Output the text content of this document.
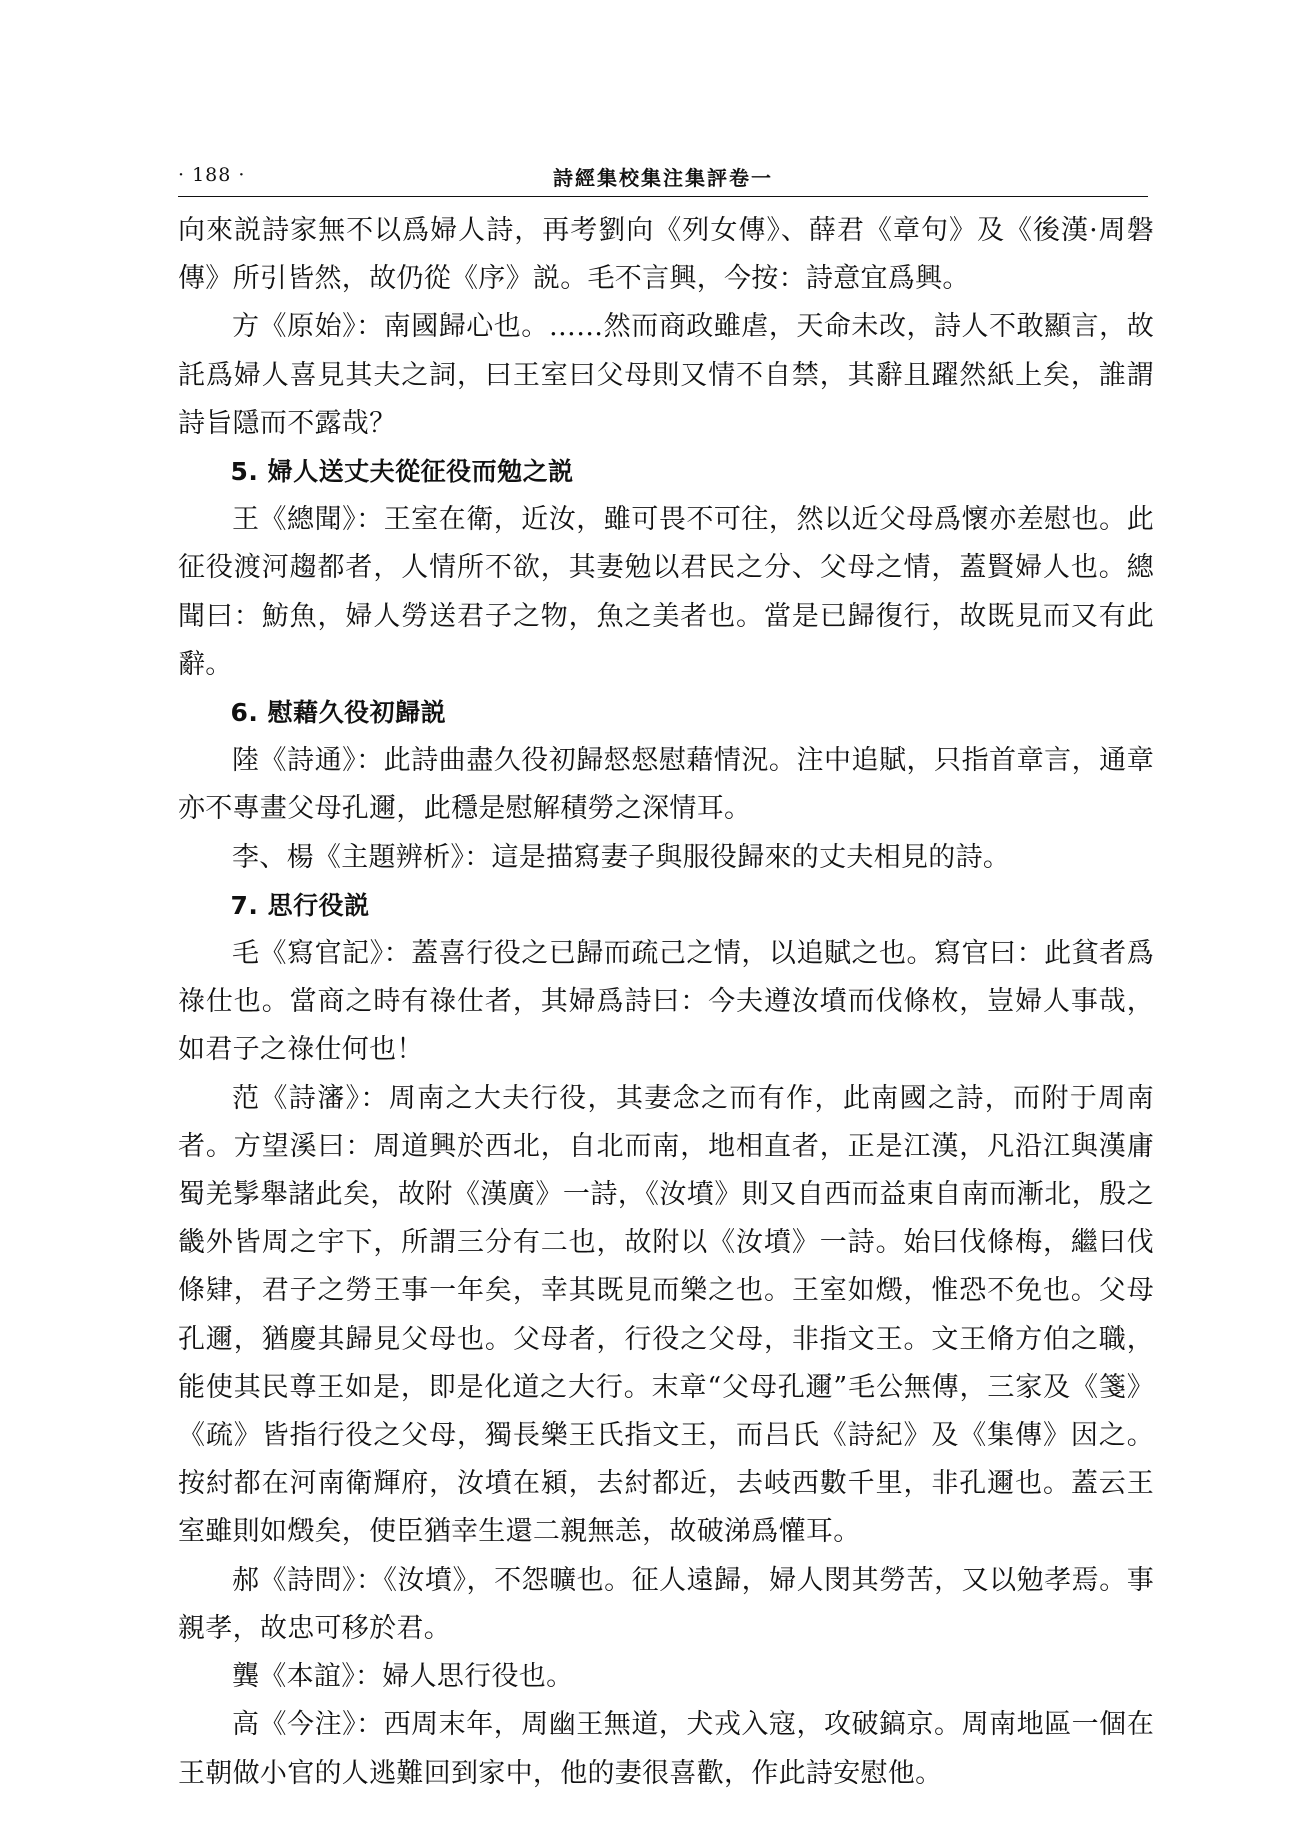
· 188 ·	詩經集校集注集評卷一

向來説詩家無不以爲婦人詩，再考劉向《列女傳》、薛君《章句》及《後漢·周磐傳》所引皆然，故仍從《序》説。毛不言興，今按：詩意宜爲興。

方《原始》：南國歸心也。……然而商政雖虐，天命未改，詩人不敢顯言，故託爲婦人喜見其夫之詞，曰王室曰父母則又情不自禁，其辭且躍然紙上矣，誰謂詩旨隱而不露哉？

5. 婦人送丈夫從征役而勉之説

王《總聞》：王室在衛，近汝，雖可畏不可往，然以近父母爲懷亦差慰也。此征役渡河趨都者，人情所不欲，其妻勉以君民之分、父母之情，蓋賢婦人也。總聞曰：魴魚，婦人勞送君子之物，魚之美者也。當是已歸復行，故既見而又有此辭。

6. 慰藉久役初歸説

陸《詩通》：此詩曲盡久役初歸惄惄慰藉情況。注中追賦，只指首章言，通章亦不專畫父母孔邇，此穩是慰解積勞之深情耳。

李、楊《主題辨析》：這是描寫妻子與服役歸來的丈夫相見的詩。

7. 思行役説

毛《寫官記》：蓋喜行役之已歸而疏己之情，以追賦之也。寫官曰：此貧者爲祿仕也。當商之時有祿仕者，其婦爲詩曰：今夫遵汝墳而伐條枚，豈婦人事哉，如君子之祿仕何也！

范《詩瀋》：周南之大夫行役，其妻念之而有作，此南國之詩，而附于周南者。方望溪曰：周道興於西北，自北而南，地相直者，正是江漢，凡沿江與漢庸蜀羌髳舉諸此矣，故附《漢廣》一詩，《汝墳》則又自西而益東自南而漸北，殷之畿外皆周之宇下，所謂三分有二也，故附以《汝墳》一詩。始曰伐條梅，繼曰伐條肄，君子之勞王事一年矣，幸其既見而樂之也。王室如燬，惟恐不免也。父母孔邇，猶慶其歸見父母也。父母者，行役之父母，非指文王。文王脩方伯之職，能使其民尊王如是，即是化道之大行。末章“父母孔邇”毛公無傳，三家及《箋》《疏》皆指行役之父母，獨長樂王氏指文王，而吕氏《詩紀》及《集傳》因之。按紂都在河南衛輝府，汝墳在潁，去紂都近，去岐西數千里，非孔邇也。蓋云王室雖則如燬矣，使臣猶幸生還二親無恙，故破涕爲懽耳。

郝《詩問》：《汝墳》，不怨曠也。征人遠歸，婦人閔其勞苦，又以勉孝焉。事親孝，故忠可移於君。

龔《本誼》：婦人思行役也。

高《今注》：西周末年，周幽王無道，犬戎入寇，攻破鎬京。周南地區一個在王朝做小官的人逃難回到家中，他的妻很喜歡，作此詩安慰他。
